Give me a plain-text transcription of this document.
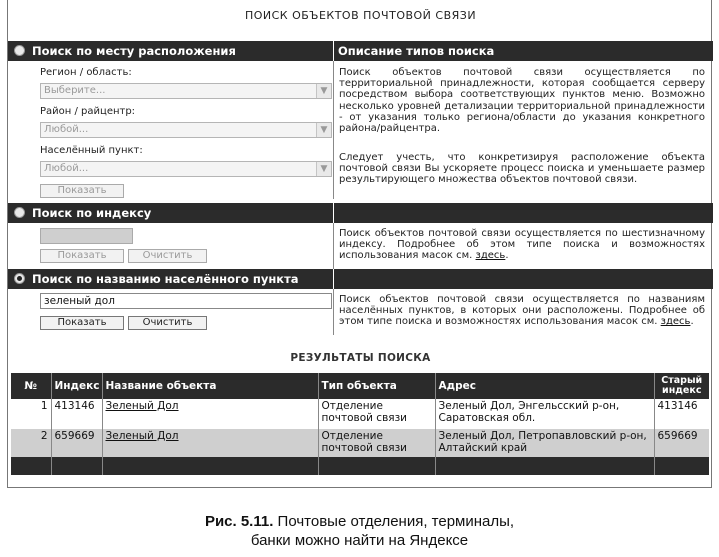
ПОИСК ОБЪЕКТОВ ПОЧТОВОЙ СВЯЗИ
Поиск по месту расположения	Описание типов поиска
Регион / область:
Выберите...	▼
Район / райцентр:
Любой...	▼
Населённый пункт:
Любой...	▼
Показать
Поиск объектов почтовой связи осуществляется по территориальной принадлежности, которая сообщается серверу посредством выбора соответствующих пунктов меню. Возможно несколько уровней детализации территориальной принадлежности - от указания только региона/области до указания конкретного района/райцентра.
Следует учесть, что конкретизируя расположение объекта почтовой связи Вы ускоряете процесс поиска и уменьшаете размер результирующего множества объектов почтовой связи.
Поиск по индексу
Показать	Очистить
Поиск объектов почтовой связи осуществляется по шестизначному индексу. Подробнее об этом типе поиска и возможностях использования масок см. здесь.
Поиск по названию населённого пункта
зеленый дол
Показать	Очистить
Поиск объектов почтовой связи осуществляется по названиям населённых пунктов, в которых они расположены. Подробнее об этом типе поиска и возможностях использования масок см. здесь.
РЕЗУЛЬТАТЫ ПОИСКА
№	Индекс	Название объекта	Тип объекта	Адрес	Старый индекс
1	413146	Зеленый Дол	Отделение почтовой связи	Зеленый Дол, Энгельсский р-он, Саратовская обл.	413146
2	659669	Зеленый Дол	Отделение почтовой связи	Зеленый Дол, Петропавловский р-он, Алтайский край	659669

Рис. 5.11. Почтовые отделения, терминалы,
банки можно найти на Яндексе
